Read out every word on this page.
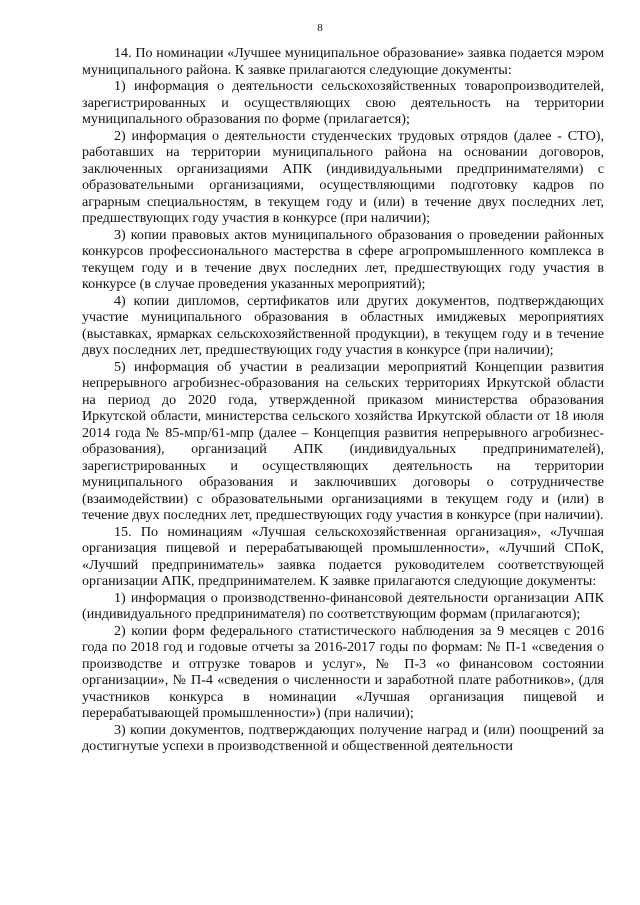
8

14. По номинации «Лучшее муниципальное образование» заявка подается мэром муниципального района. К заявке прилагаются следующие документы:

1) информация о деятельности сельскохозяйственных товаропроизводителей, зарегистрированных и осуществляющих свою деятельность на территории муниципального образования по форме (прилагается);

2) информация о деятельности студенческих трудовых отрядов (далее - СТО), работавших на территории муниципального района на основании договоров, заключенных организациями АПК (индивидуальными предпринимателями) с образовательными организациями, осуществляющими подготовку кадров по аграрным специальностям, в текущем году и (или) в течение двух последних лет, предшествующих году участия в конкурсе (при наличии);

3) копии правовых актов муниципального образования о проведении районных конкурсов профессионального мастерства в сфере агропромышленного комплекса в текущем году и в течение двух последних лет, предшествующих году участия в конкурсе (в случае проведения указанных мероприятий);

4) копии дипломов, сертификатов или других документов, подтверждающих участие муниципального образования в областных имиджевых мероприятиях (выставках, ярмарках сельскохозяйственной продукции), в текущем году и в течение двух последних лет, предшествующих году участия в конкурсе (при наличии);

5) информация об участии в реализации мероприятий Концепции развития непрерывного агробизнес-образования на сельских территориях Иркутской области на период до 2020 года, утвержденной приказом министерства образования Иркутской области, министерства сельского хозяйства Иркутской области от 18 июля 2014 года № 85-мпр/61-мпр (далее – Концепция развития непрерывного агробизнес-образования), организаций АПК (индивидуальных предпринимателей), зарегистрированных и осуществляющих деятельность на территории муниципального образования и заключивших договоры о сотрудничестве (взаимодействии) с образовательными организациями в текущем году и (или) в течение двух последних лет, предшествующих году участия в конкурсе (при наличии).

15. По номинациям «Лучшая сельскохозяйственная организация», «Лучшая организация пищевой и перерабатывающей промышленности», «Лучший СПоК, «Лучший предприниматель» заявка подается руководителем соответствующей организации АПК, предпринимателем. К заявке прилагаются следующие документы:

1) информация о производственно-финансовой деятельности организации АПК (индивидуального предпринимателя) по соответствующим формам (прилагаются);

2) копии форм федерального статистического наблюдения за 9 месяцев с 2016 года по 2018 год и годовые отчеты за 2016-2017 годы по формам: № П-1 «сведения о производстве и отгрузке товаров и услуг», № П-3 «о финансовом состоянии организации», № П-4 «сведения о численности и заработной плате работников», (для участников конкурса в номинации «Лучшая организация пищевой и перерабатывающей промышленности») (при наличии);

3) копии документов, подтверждающих получение наград и (или) поощрений за достигнутые успехи в производственной и общественной деятельности
